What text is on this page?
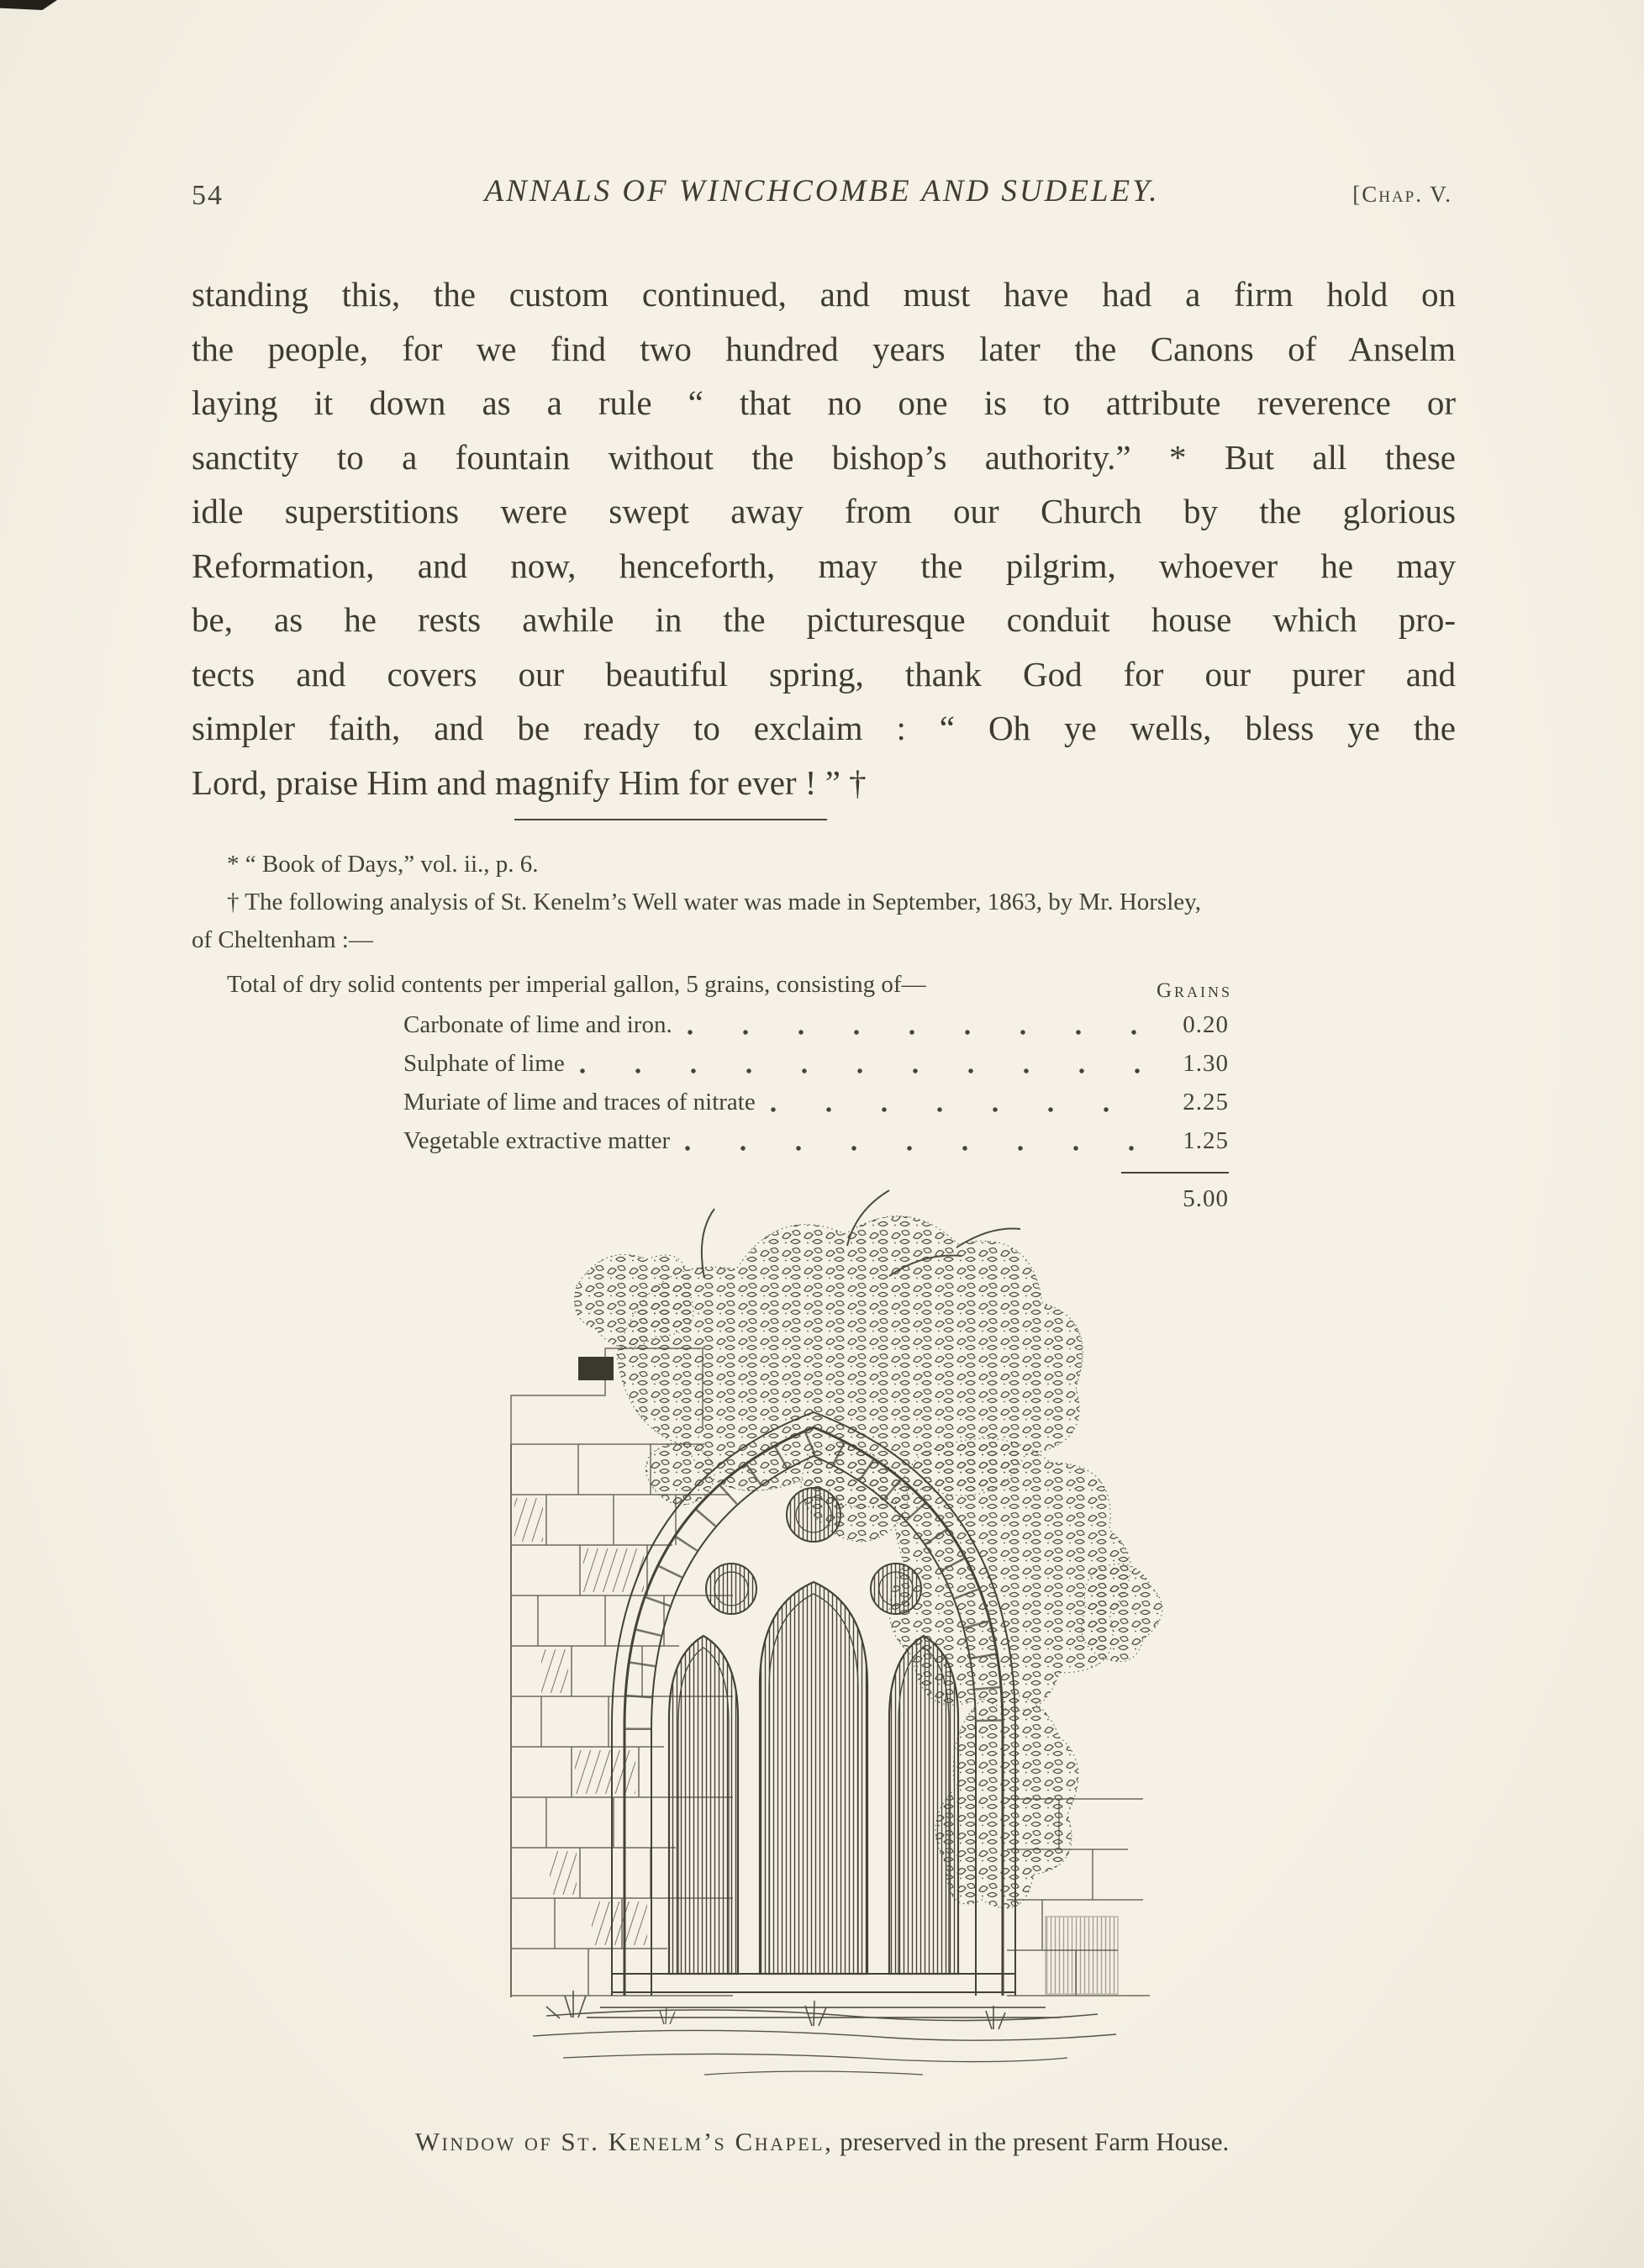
54	ANNALS OF WINCHCOMBE AND SUDELEY.	[Chap. V.
standing this, the custom continued, and must have had a firm hold on
the people, for we find two hundred years later the Canons of Anselm
laying it down as a rule “ that no one is to attribute reverence or
sanctity to a fountain without the bishop’s authority.” * But all these
idle superstitions were swept away from our Church by the glorious
Reformation, and now, henceforth, may the pilgrim, whoever he may
be, as he rests awhile in the picturesque conduit house which pro-
tects and covers our beautiful spring, thank God for our purer and
simpler faith, and be ready to exclaim : “ Oh ye wells, bless ye the
Lord, praise Him and magnify Him for ever ! ” †
* “ Book of Days,” vol. ii., p. 6.
† The following analysis of St. Kenelm’s Well water was made in September, 1863, by Mr. Horsley,
of Cheltenham :—
Total of dry solid contents per imperial gallon, 5 grains, consisting of—	Grains
Carbonate of lime and iron.	0.20
Sulphate of lime	1.30
Muriate of lime and traces of nitrate	2.25
Vegetable extractive matter	1.25
5.00
Window of St. Kenelm’s Chapel, preserved in the present Farm House.
